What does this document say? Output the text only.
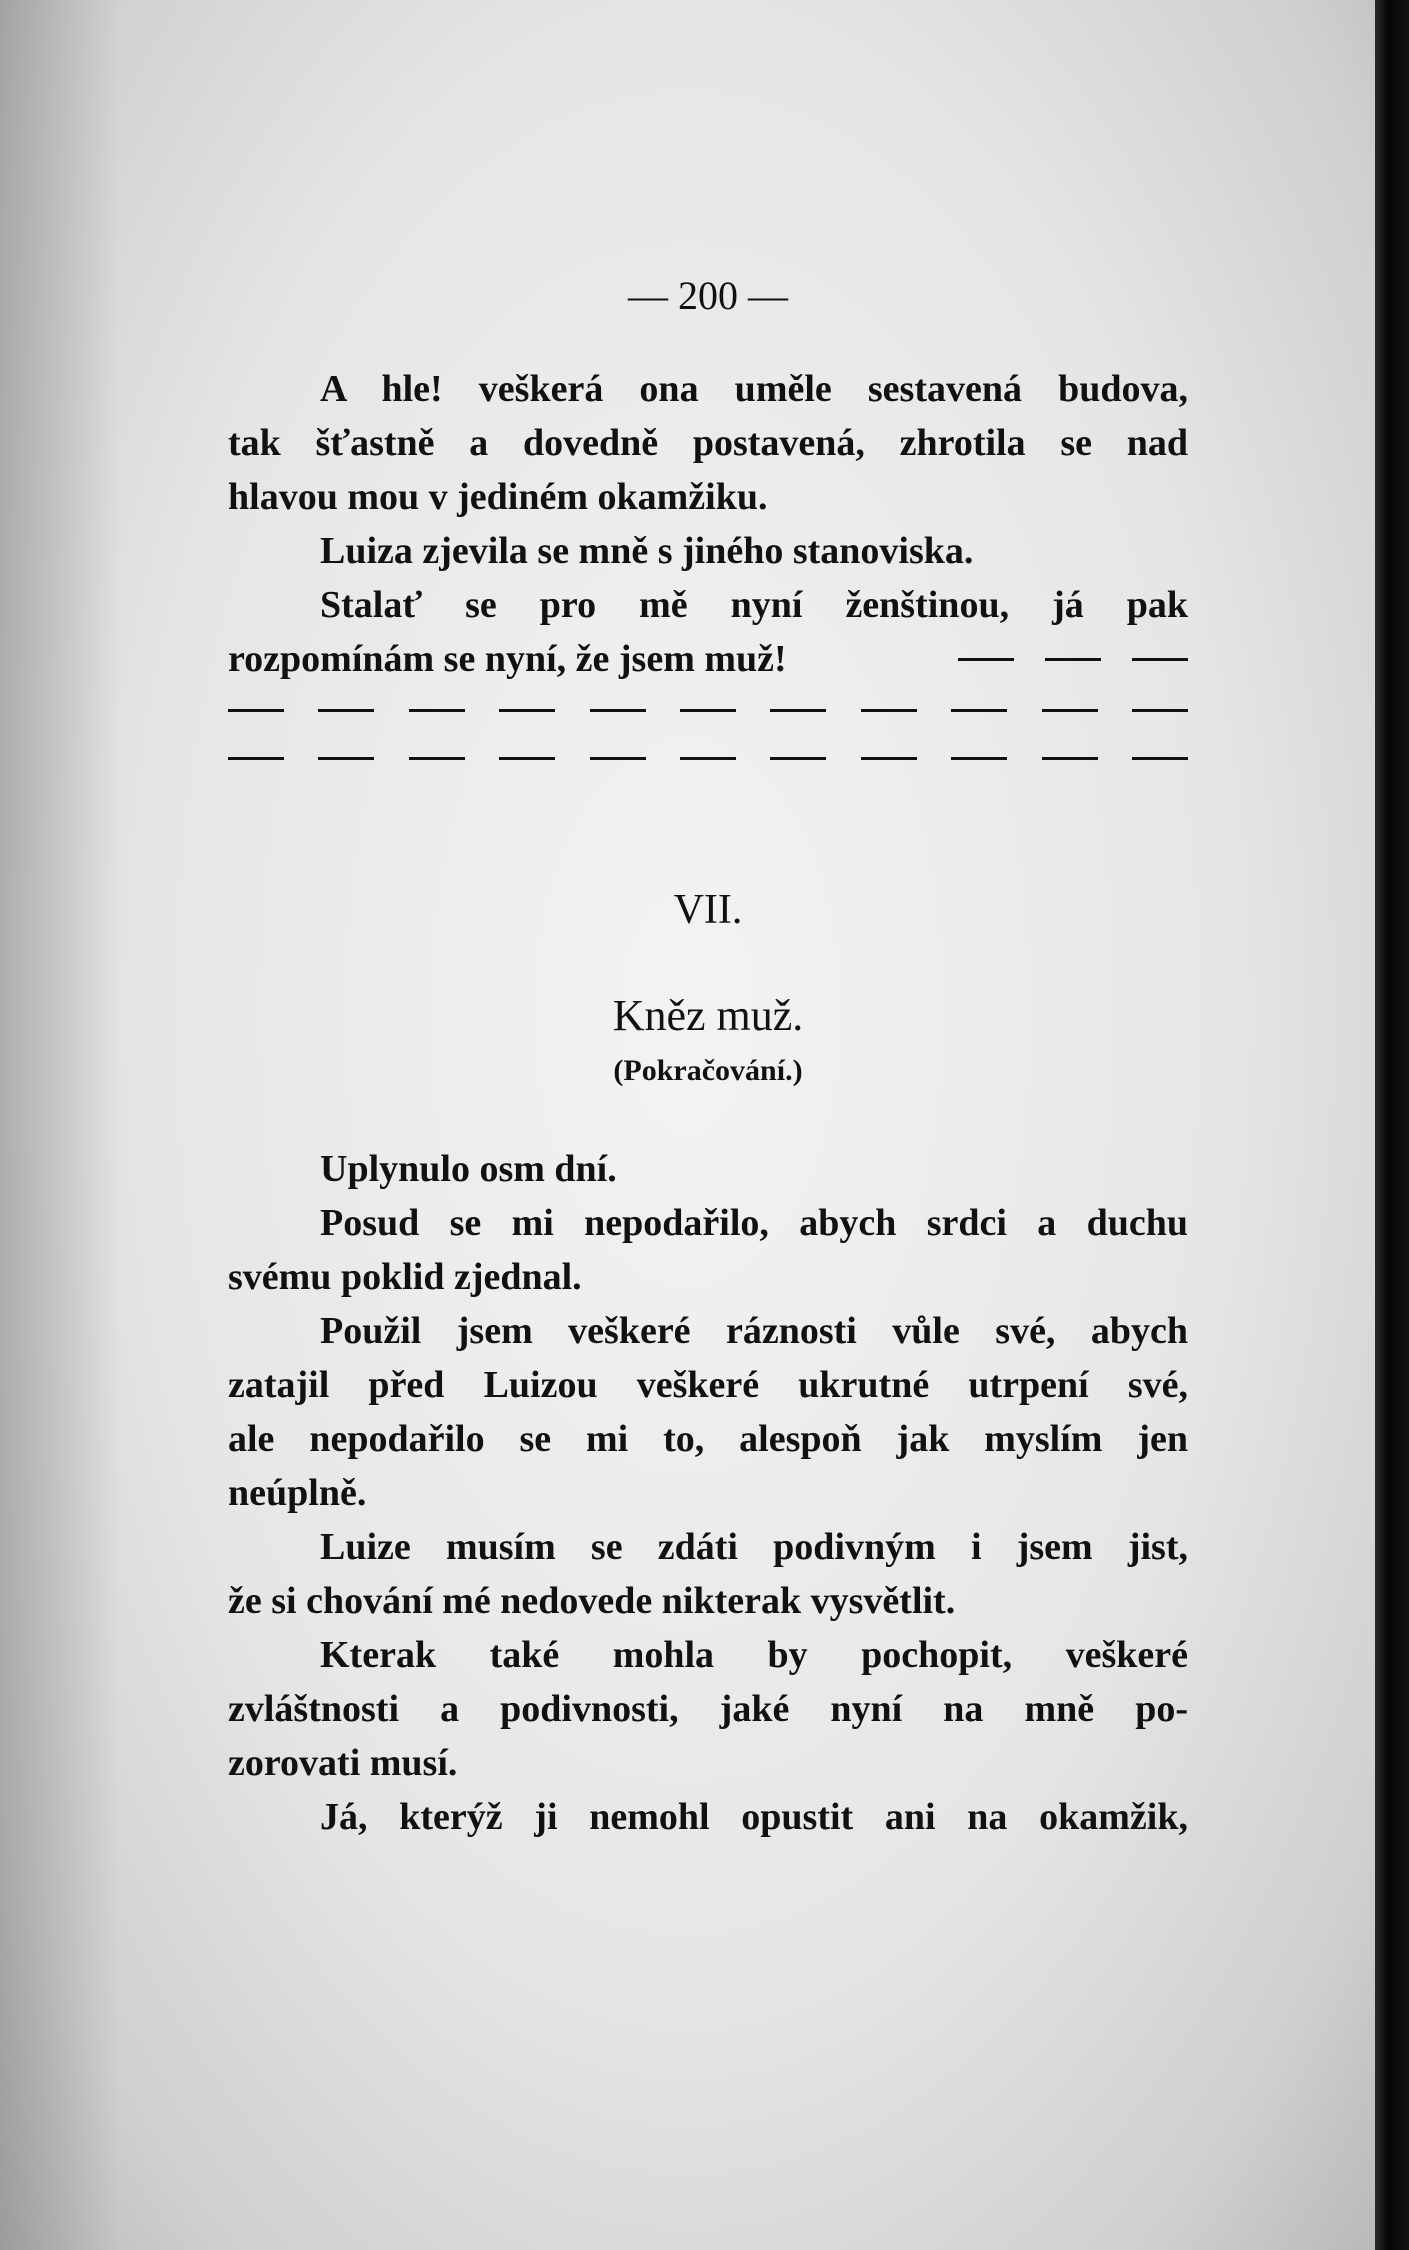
— 200 —
A hle! veškerá ona uměle sestavená budova,
tak šťastně a dovedně postavená, zhrotila se nad
hlavou mou v jediném okamžiku.
Luiza zjevila se mně s jiného stanoviska.
Stalať se pro mě nyní ženštinou, já pak
rozpomínám se nyní, že jsem muž!
VII.
Kněz muž.
(Pokračování.)
Uplynulo osm dní.
Posud se mi nepodařilo, abych srdci a duchu
svému poklid zjednal.
Použil jsem veškeré ráznosti vůle své, abych
zatajil před Luizou veškeré ukrutné utrpení své,
ale nepodařilo se mi to, alespoň jak myslím jen
neúplně.
Luize musím se zdáti podivným i jsem jist,
že si chování mé nedovede nikterak vysvětlit.
Kterak také mohla by pochopit, veškeré
zvláštnosti a podivnosti, jaké nyní na mně po-
zorovati musí.
Já, kterýž ji nemohl opustit ani na okamžik,
